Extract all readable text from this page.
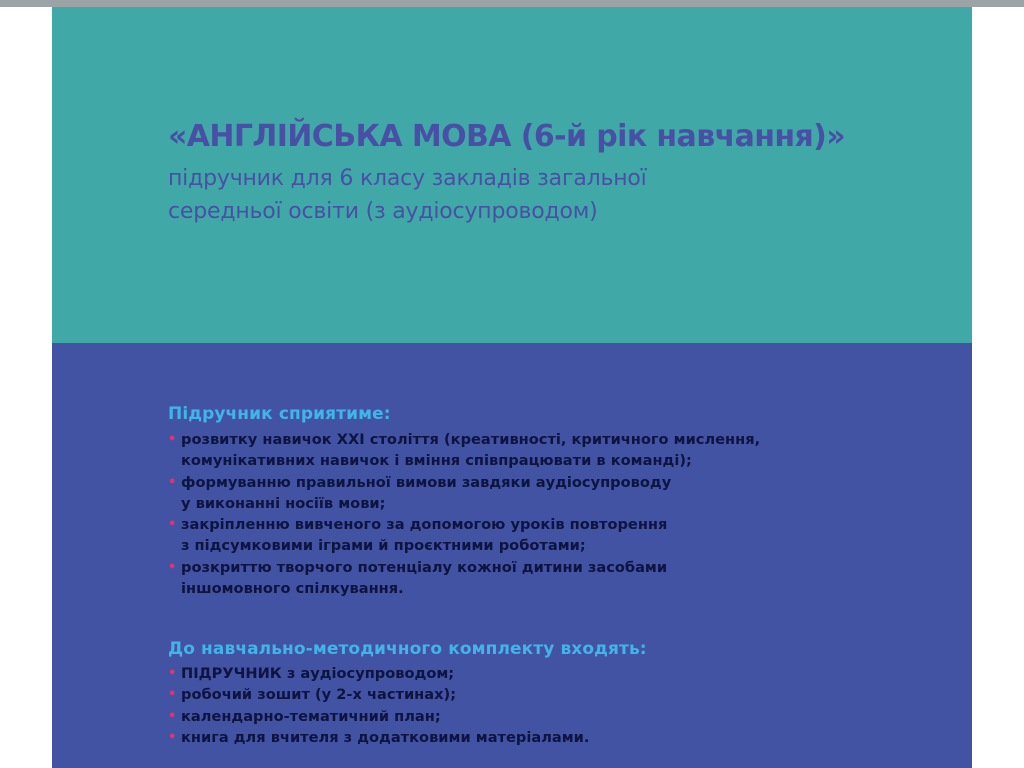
«АНГЛІЙСЬКА МОВА (6-й рік навчання)»

підручник для 6 класу закладів загальної
середньої освіти (з аудіосупроводом)

Підручник сприятиме:
• розвитку навичок XXI століття (креативності, критичного мислення,
комунікативних навичок і вміння співпрацювати в команді);
• формуванню правильної вимови завдяки аудіосупроводу
у виконанні носіїв мови;
• закріпленню вивченого за допомогою уроків повторення
з підсумковими іграми й проєктними роботами;
• розкриттю творчого потенціалу кожної дитини засобами
іншомовного спілкування.
До навчально-методичного комплекту входять:
• ПІДРУЧНИК з аудіосупроводом;
• робочий зошит (у 2-х частинах);
• календарно-тематичний план;
• книга для вчителя з додатковими матеріалами.
